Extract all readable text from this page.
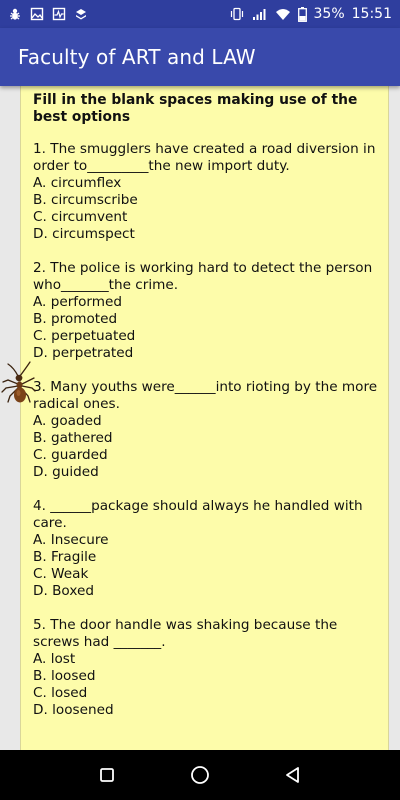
35% 15:51
Faculty of ART and LAW
Fill in the blank spaces making use of the best options
1. The smugglers have created a road diversion in order to_________the new import duty.
A. circumflex
B. circumscribe
C. circumvent
D. circumspect
2. The police is working hard to detect the person who_______the crime.
A. performed
B. promoted
C. perpetuated
D. perpetrated
3. Many youths were______into rioting by the more radical ones.
A. goaded
B. gathered
C. guarded
D. guided
4. ______package should always he handled with care.
A. Insecure
B. Fragile
C. Weak
D. Boxed
5. The door handle was shaking because the screws had _______.
A. lost
B. loosed
C. losed
D. loosened
